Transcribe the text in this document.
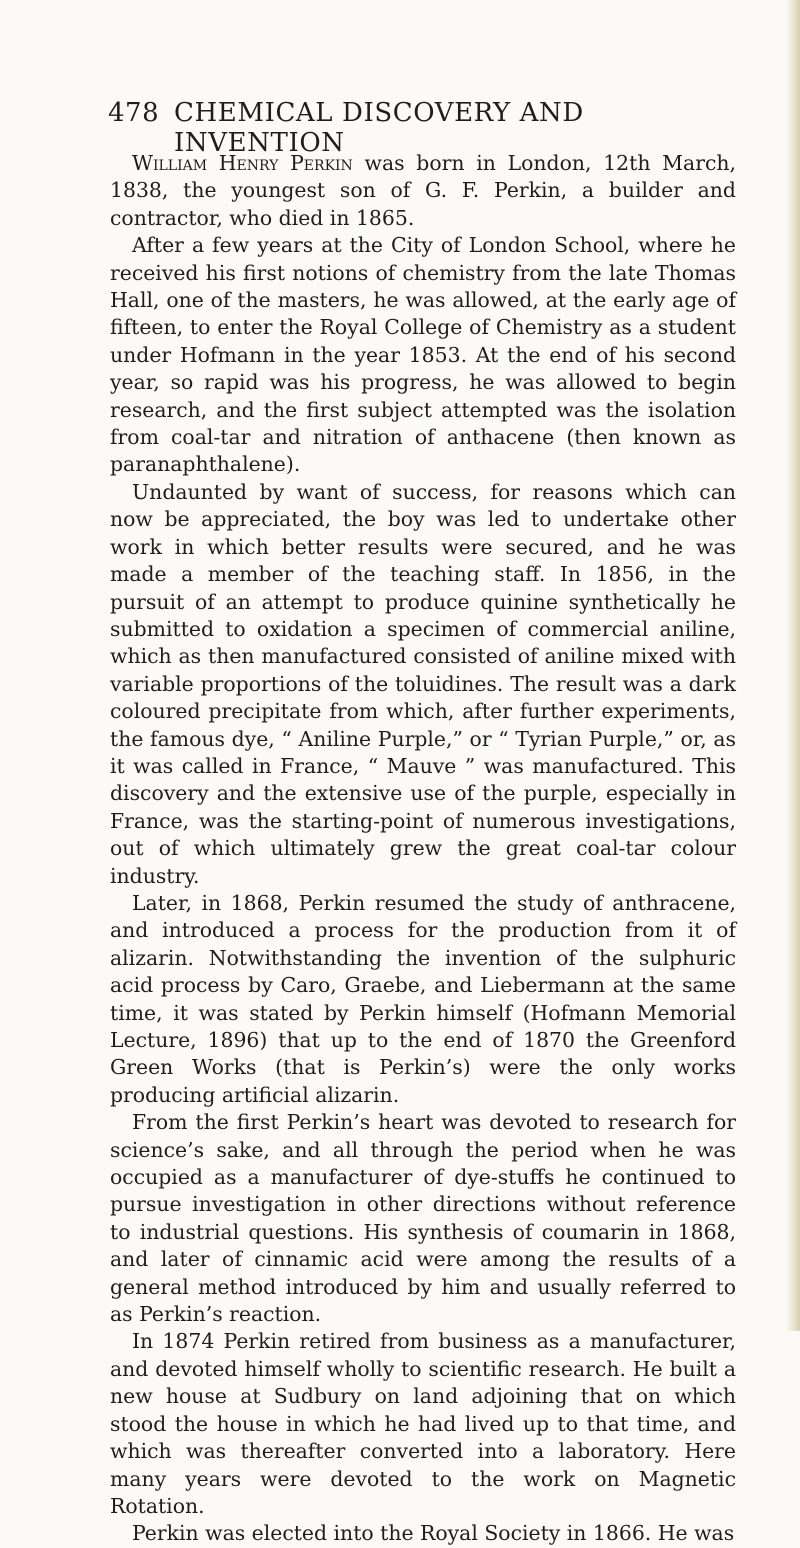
478 CHEMICAL DISCOVERY AND INVENTION

William Henry Perkin was born in London, 12th March, 1838, the youngest son of G. F. Perkin, a builder and contractor, who died in 1865.

After a few years at the City of London School, where he received his first notions of chemistry from the late Thomas Hall, one of the masters, he was allowed, at the early age of fifteen, to enter the Royal College of Chemistry as a student under Hofmann in the year 1853. At the end of his second year, so rapid was his progress, he was allowed to begin research, and the first subject attempted was the isolation from coal-tar and nitration of anthacene (then known as paranaphthalene).

Undaunted by want of success, for reasons which can now be appreciated, the boy was led to undertake other work in which better results were secured, and he was made a member of the teaching staff. In 1856, in the pursuit of an attempt to produce quinine synthetically he submitted to oxidation a specimen of commercial aniline, which as then manufactured consisted of aniline mixed with variable proportions of the toluidines. The result was a dark coloured precipitate from which, after further experiments, the famous dye, “ Aniline Purple,” or “ Tyrian Purple,” or, as it was called in France, “ Mauve ” was manufactured. This discovery and the extensive use of the purple, especially in France, was the starting-point of numerous investigations, out of which ultimately grew the great coal-tar colour industry.

Later, in 1868, Perkin resumed the study of anthracene, and introduced a process for the production from it of alizarin. Notwithstanding the invention of the sulphuric acid process by Caro, Graebe, and Liebermann at the same time, it was stated by Perkin himself (Hofmann Memorial Lecture, 1896) that up to the end of 1870 the Greenford Green Works (that is Perkin’s) were the only works producing artificial alizarin.

From the first Perkin’s heart was devoted to research for science’s sake, and all through the period when he was occupied as a manufacturer of dye-stuffs he continued to pursue investigation in other directions without reference to industrial questions. His synthesis of coumarin in 1868, and later of cinnamic acid were among the results of a general method introduced by him and usually referred to as Perkin’s reaction.

In 1874 Perkin retired from business as a manufacturer, and devoted himself wholly to scientific research. He built a new house at Sudbury on land adjoining that on which stood the house in which he had lived up to that time, and which was thereafter converted into a laboratory. Here many years were devoted to the work on Magnetic Rotation.

Perkin was elected into the Royal Society in 1866. He was
